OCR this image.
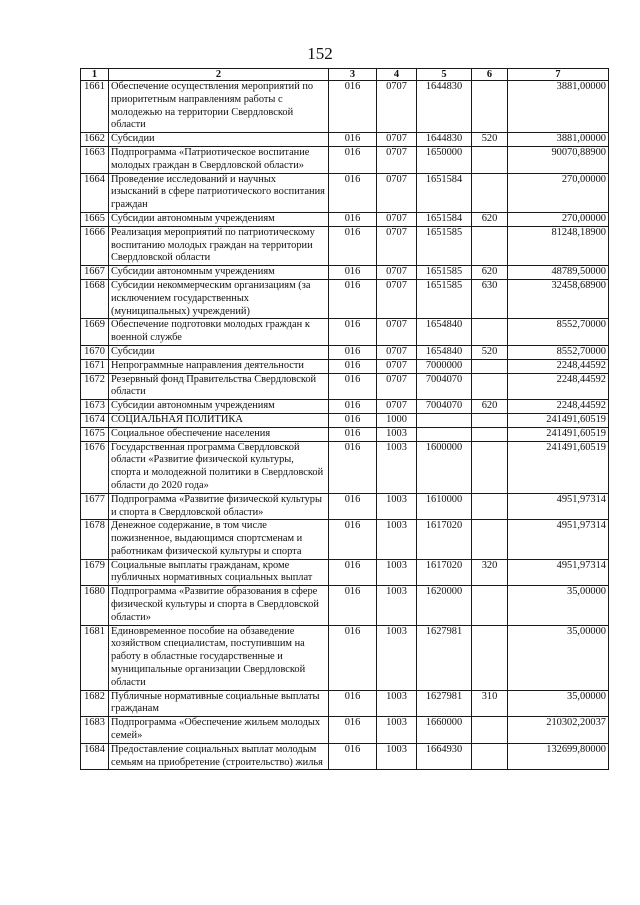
152
1	2	3	4	5	6	7
1661	Обеспечение осуществления мероприятий по приоритетным направлениям работы с молодежью на территории Свердловской области	016	0707	1644830		3881,00000
1662	Субсидии	016	0707	1644830	520	3881,00000
1663	Подпрограмма «Патриотическое воспитание молодых граждан в Свердловской области»	016	0707	1650000		90070,88900
1664	Проведение исследований и научных изысканий в сфере патриотического воспитания граждан	016	0707	1651584		270,00000
1665	Субсидии автономным учреждениям	016	0707	1651584	620	270,00000
1666	Реализация мероприятий по патриотическому воспитанию молодых граждан на территории Свердловской области	016	0707	1651585		81248,18900
1667	Субсидии автономным учреждениям	016	0707	1651585	620	48789,50000
1668	Субсидии некоммерческим организациям (за исключением государственных (муниципальных) учреждений)	016	0707	1651585	630	32458,68900
1669	Обеспечение подготовки молодых граждан к военной службе	016	0707	1654840		8552,70000
1670	Субсидии	016	0707	1654840	520	8552,70000
1671	Непрограммные направления деятельности	016	0707	7000000		2248,44592
1672	Резервный фонд Правительства Свердловской области	016	0707	7004070		2248,44592
1673	Субсидии автономным учреждениям	016	0707	7004070	620	2248,44592
1674	СОЦИАЛЬНАЯ ПОЛИТИКА	016	1000			241491,60519
1675	Социальное обеспечение населения	016	1003			241491,60519
1676	Государственная программа Свердловской области «Развитие физической культуры, спорта и молодежной политики в Свердловской области до 2020 года»	016	1003	1600000		241491,60519
1677	Подпрограмма «Развитие физической культуры и спорта в Свердловской области»	016	1003	1610000		4951,97314
1678	Денежное содержание, в том числе пожизненное, выдающимся спортсменам и работникам физической культуры и спорта	016	1003	1617020		4951,97314
1679	Социальные выплаты гражданам, кроме публичных нормативных социальных выплат	016	1003	1617020	320	4951,97314
1680	Подпрограмма «Развитие образования в сфере физической культуры и спорта в Свердловской области»	016	1003	1620000		35,00000
1681	Единовременное пособие на обзаведение хозяйством специалистам, поступившим на работу в областные государственные и муниципальные организации Свердловской области	016	1003	1627981		35,00000
1682	Публичные нормативные социальные выплаты гражданам	016	1003	1627981	310	35,00000
1683	Подпрограмма «Обеспечение жильем молодых семей»	016	1003	1660000		210302,20037
1684	Предоставление социальных выплат молодым семьям на приобретение (строительство) жилья	016	1003	1664930		132699,80000
